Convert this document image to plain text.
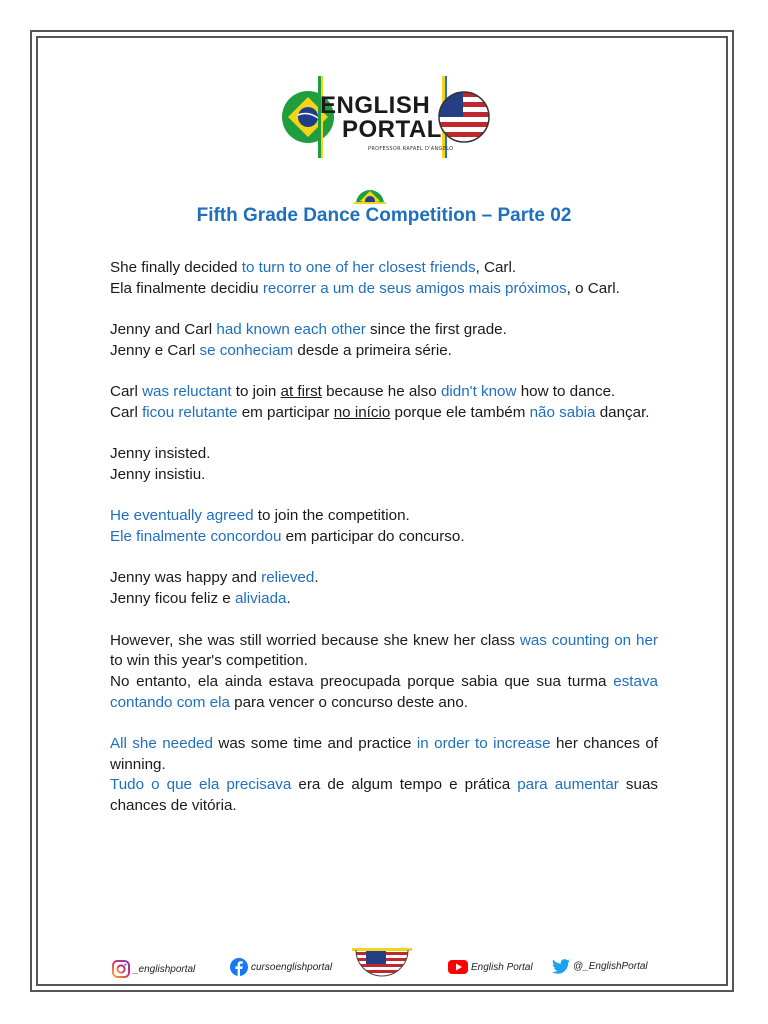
ENGLISH
PORTAL
PROFESSOR RAFAEL D'ANGELO
Fifth Grade Dance Competition – Parte 02
She finally decided to turn to one of her closest friends, Carl.
Ela finalmente decidiu recorrer a um de seus amigos mais próximos, o Carl.
Jenny and Carl had known each other since the first grade.
Jenny e Carl se conheciam desde a primeira série.
Carl was reluctant to join at first because he also didn't know how to dance.
Carl ficou relutante em participar no início porque ele também não sabia dançar.
Jenny insisted.
Jenny insistiu.
He eventually agreed to join the competition.
Ele finalmente concordou em participar do concurso.
Jenny was happy and relieved.
Jenny ficou feliz e aliviada.
However, she was still worried because she knew her class was counting on her to win this year's competition.
No entanto, ela ainda estava preocupada porque sabia que sua turma estava contando com ela para vencer o concurso deste ano.
All she needed was some time and practice in order to increase her chances of winning.
Tudo o que ela precisava era de algum tempo e prática para aumentar suas chances de vitória.
_englishportal	cursoenglishportal	English Portal	@_EnglishPortal
